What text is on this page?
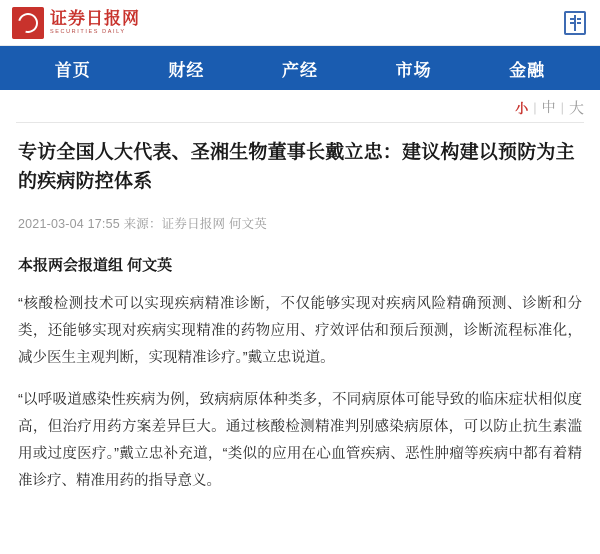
证券日报网
SECURITIES DAILY
首页	财经	产经	市场	金融
小 | 中 | 大
专访全国人大代表、圣湘生物董事长戴立忠：建议构建以预防为主的疾病防控体系
2021-03-04 17:55 来源：证券日报网 何文英
本报两会报道组 何文英

“核酸检测技术可以实现疾病精准诊断，不仅能够实现对疾病风险精确预测、诊断和分类，还能够实现对疾病实现精准的药物应用、疗效评估和预后预测，诊断流程标准化，减少医生主观判断，实现精准诊疗。”戴立忠说道。

“以呼吸道感染性疾病为例，致病病原体种类多，不同病原体可能导致的临床症状相似度高，但治疗用药方案差异巨大。通过核酸检测精准判别感染病原体，可以防止抗生素滥用或过度医疗。”戴立忠补充道，“类似的应用在心血管疾病、恶性肿瘤等疾病中都有着精准诊疗、精准用药的指导意义。
